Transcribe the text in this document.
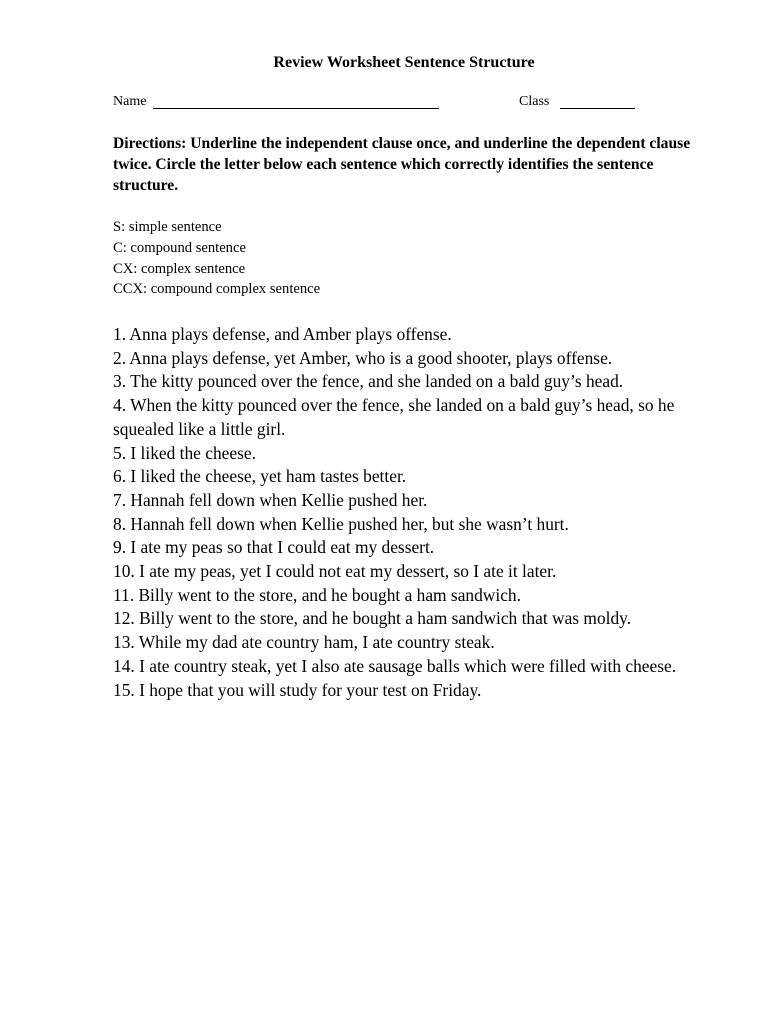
Review Worksheet Sentence Structure
Name	Class
Directions: Underline the independent clause once, and underline the dependent clause twice. Circle the letter below each sentence which correctly identifies the sentence structure.
S: simple sentence
C: compound sentence
CX: complex sentence
CCX: compound complex sentence
1. Anna plays defense, and Amber plays offense.
2. Anna plays defense, yet Amber, who is a good shooter, plays offense.
3. The kitty pounced over the fence, and she landed on a bald guy’s head.
4. When the kitty pounced over the fence, she landed on a bald guy’s head, so he squealed like a little girl.
5. I liked the cheese.
6. I liked the cheese, yet ham tastes better.
7. Hannah fell down when Kellie pushed her.
8. Hannah fell down when Kellie pushed her, but she wasn’t hurt.
9. I ate my peas so that I could eat my dessert.
10. I ate my peas, yet I could not eat my dessert, so I ate it later.
11. Billy went to the store, and he bought a ham sandwich.
12. Billy went to the store, and he bought a ham sandwich that was moldy.
13. While my dad ate country ham, I ate country steak.
14. I ate country steak, yet I also ate sausage balls which were filled with cheese.
15. I hope that you will study for your test on Friday.
